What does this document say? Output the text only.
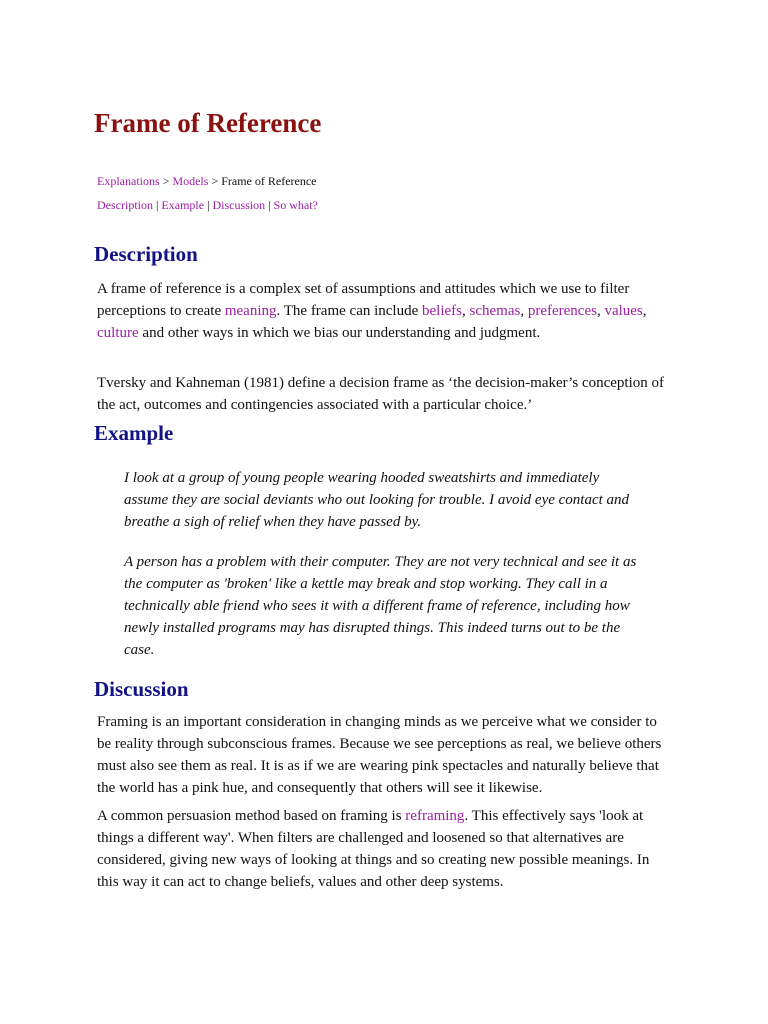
Frame of Reference
Explanations > Models > Frame of Reference
Description | Example | Discussion | So what?
Description

A frame of reference is a complex set of assumptions and attitudes which we use to filter perceptions to create meaning. The frame can include beliefs, schemas, preferences, values, culture and other ways in which we bias our understanding and judgment.

Tversky and Kahneman (1981) define a decision frame as ‘the decision-maker’s conception of the act, outcomes and contingencies associated with a particular choice.’

Example

I look at a group of young people wearing hooded sweatshirts and immediately assume they are social deviants who out looking for trouble. I avoid eye contact and breathe a sigh of relief when they have passed by.

A person has a problem with their computer. They are not very technical and see it as the computer as 'broken' like a kettle may break and stop working. They call in a technically able friend who sees it with a different frame of reference, including how newly installed programs may has disrupted things. This indeed turns out to be the case.

Discussion

Framing is an important consideration in changing minds as we perceive what we consider to be reality through subconscious frames. Because we see perceptions as real, we believe others must also see them as real. It is as if we are wearing pink spectacles and naturally believe that the world has a pink hue, and consequently that others will see it likewise.

A common persuasion method based on framing is reframing. This effectively says 'look at things a different way'. When filters are challenged and loosened so that alternatives are considered, giving new ways of looking at things and so creating new possible meanings. In this way it can act to change beliefs, values and other deep systems.
